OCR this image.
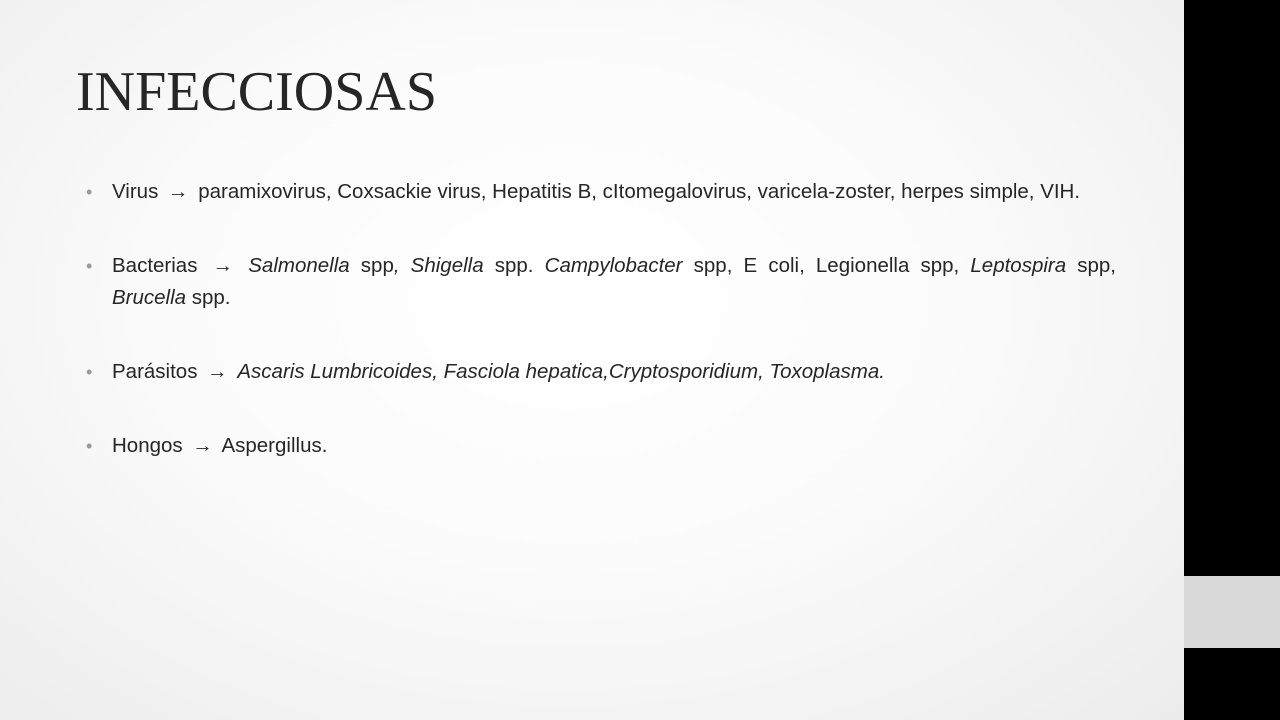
INFECCIOSAS
• Virus → paramixovirus, Coxsackie virus, Hepatitis B, cItomegalovirus, varicela-zoster, herpes simple, VIH.
• Bacterias → Salmonella spp, Shigella spp. Campylobacter spp, E coli, Legionella spp, Leptospira spp, Brucella spp.
• Parásitos → Ascaris Lumbricoides, Fasciola hepatica,Cryptosporidium, Toxoplasma.
• Hongos → Aspergillus.
